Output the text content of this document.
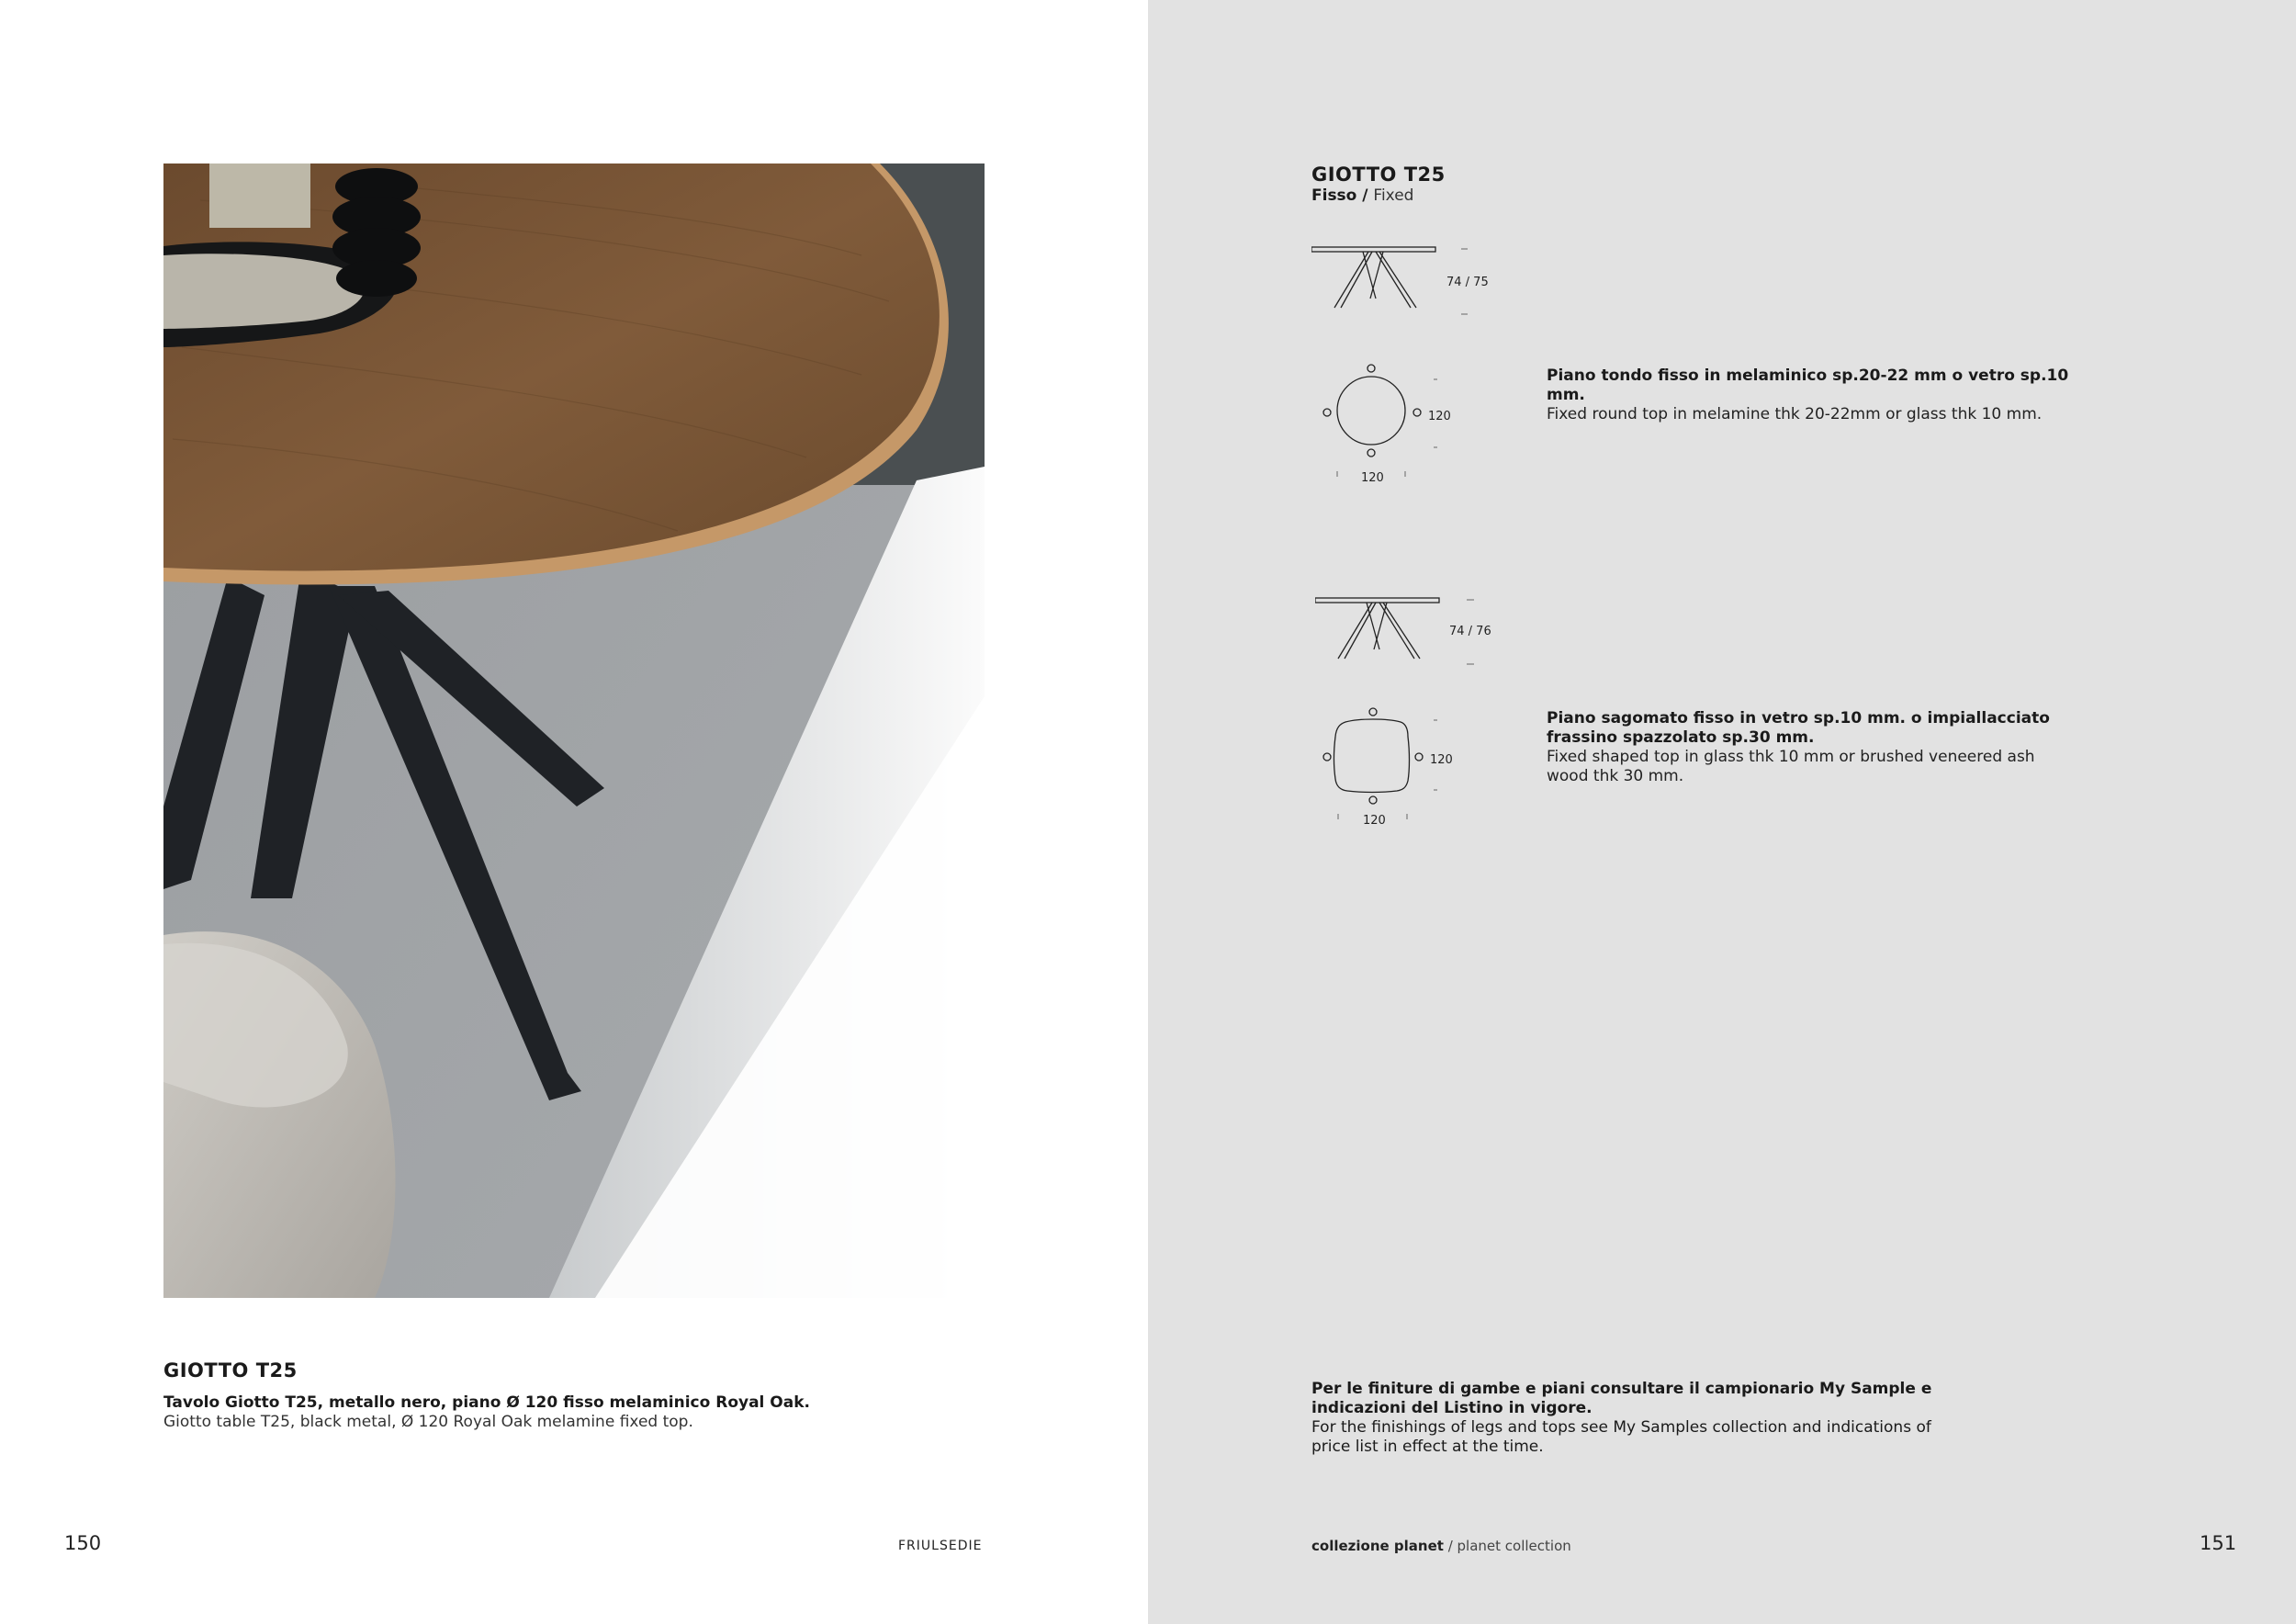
GIOTTO T25
Tavolo Giotto T25, metallo nero, piano Ø 120 fisso melaminico Royal Oak.
Giotto table T25, black metal, Ø 120 Royal Oak melamine fixed top.
150	FRIULSEDIE
GIOTTO T25
Fisso / Fixed
74 / 75
120
120
Piano tondo fisso in melaminico sp.20-22 mm o vetro sp.10 mm.
Fixed round top in melamine thk 20-22mm or glass thk 10 mm.
74 / 76
120
120
Piano sagomato fisso in vetro sp.10 mm. o impiallacciato frassino spazzolato sp.30 mm.
Fixed shaped top in glass thk 10 mm or brushed veneered ash wood thk 30 mm.
Per le finiture di gambe e piani consultare il campionario My Sample e indicazioni del Listino in vigore.
For the finishings of legs and tops see My Samples collection and indications of price list in effect at the time.
collezione planet / planet collection	151
